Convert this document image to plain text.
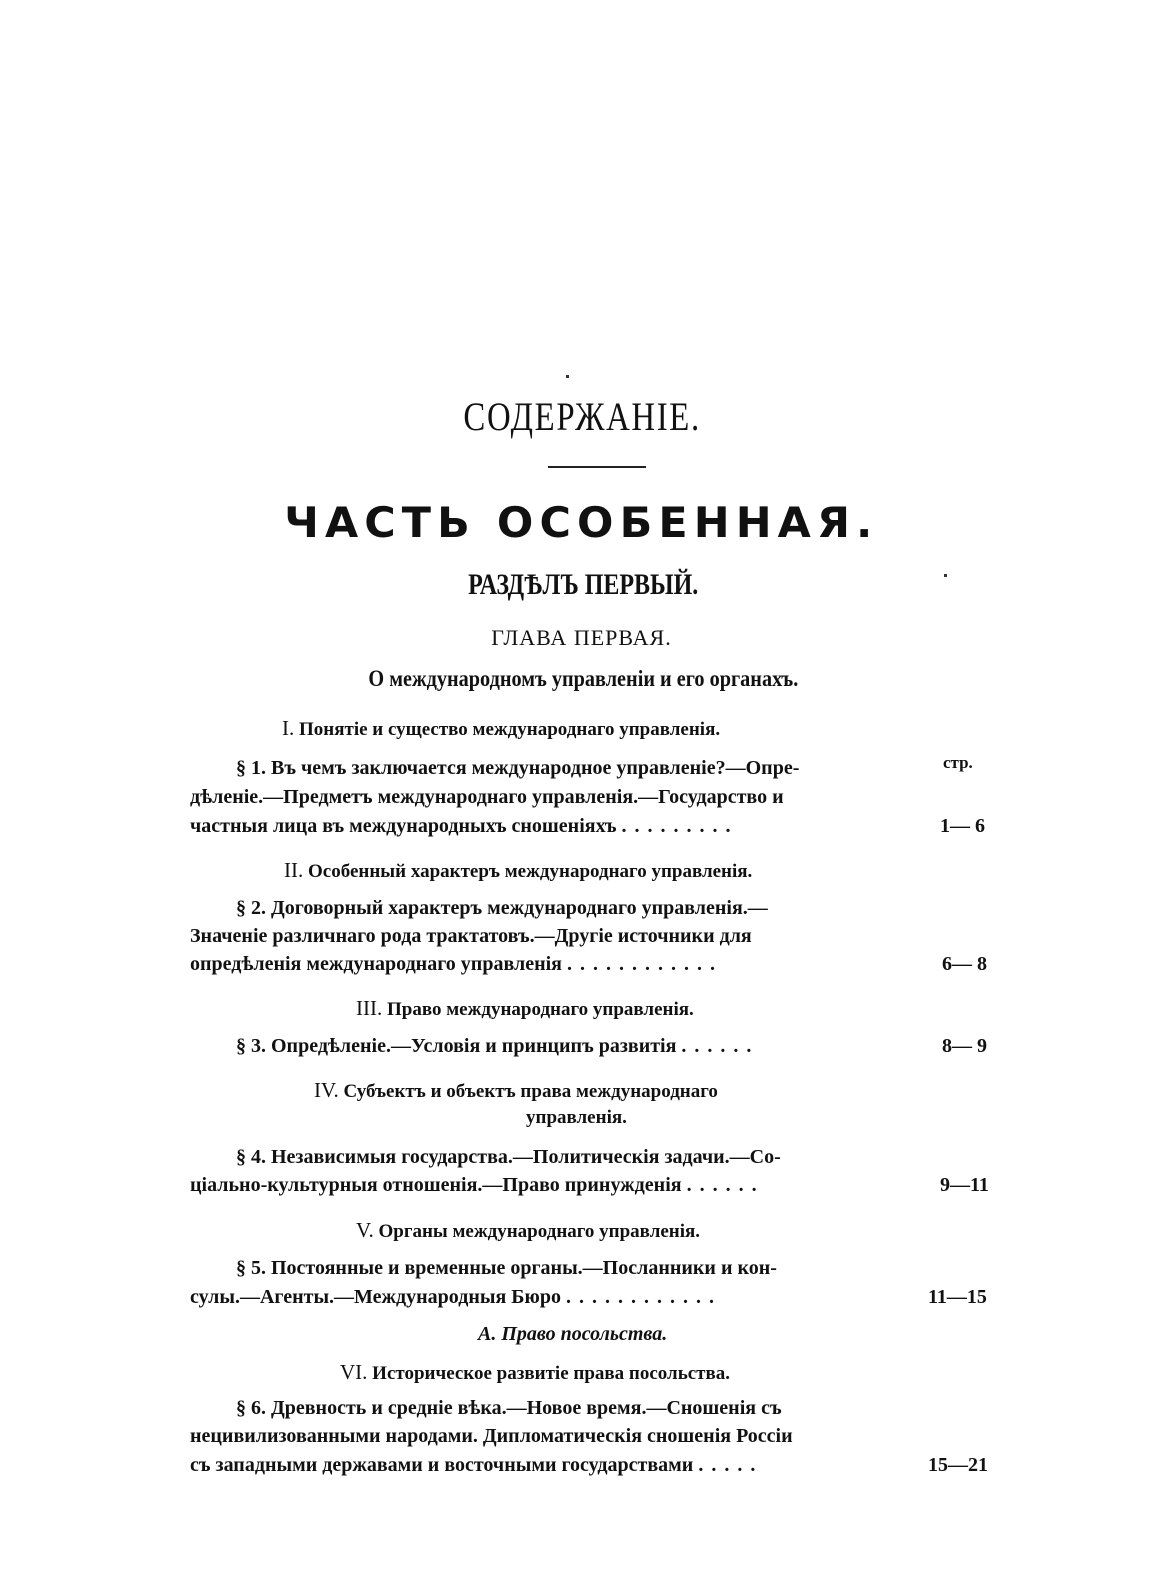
СОДЕРЖАНІЕ.
ЧАСТЬ ОСОБЕННАЯ.
РАЗДѢЛЪ ПЕРВЫЙ.
ГЛАВА ПЕРВАЯ.
О международномъ управленіи и его органахъ.
I. Понятіе и существо международнаго управленія.
стр.
§ 1. Въ чемъ заключается международное управленіе?—Опре-
дѣленіе.—Предметъ международнаго управленія.—Государство и
частныя лица въ международныхъ сношеніяхъ .........	1— 6
II. Особенный характеръ международнаго управленія.
§ 2. Договорный характеръ международнаго управленія.—
Значеніе различнаго рода трактатовъ.—Другіе источники для
опредѣленія международнаго управленія ............	6— 8
III. Право международнаго управленія.
§ 3. Опредѣленіе.—Условія и принципъ развитія ......	8— 9
IV. Субъектъ и объектъ права международнаго
управленія.
§ 4. Независимыя государства.—Политическія задачи.—Со-
ціально-культурныя отношенія.—Право принужденія ......	9—11
V. Органы международнаго управленія.
§ 5. Постоянные и временные органы.—Посланники и кон-
сулы.—Агенты.—Международныя Бюро ............	11—15
А. Право посольства.
VI. Историческое развитіе права посольства.
§ 6. Древность и средніе вѣка.—Новое время.—Сношенія съ
нецивилизованными народами. Дипломатическія сношенія Россіи
съ западными державами и восточными государствами .....	15—21
